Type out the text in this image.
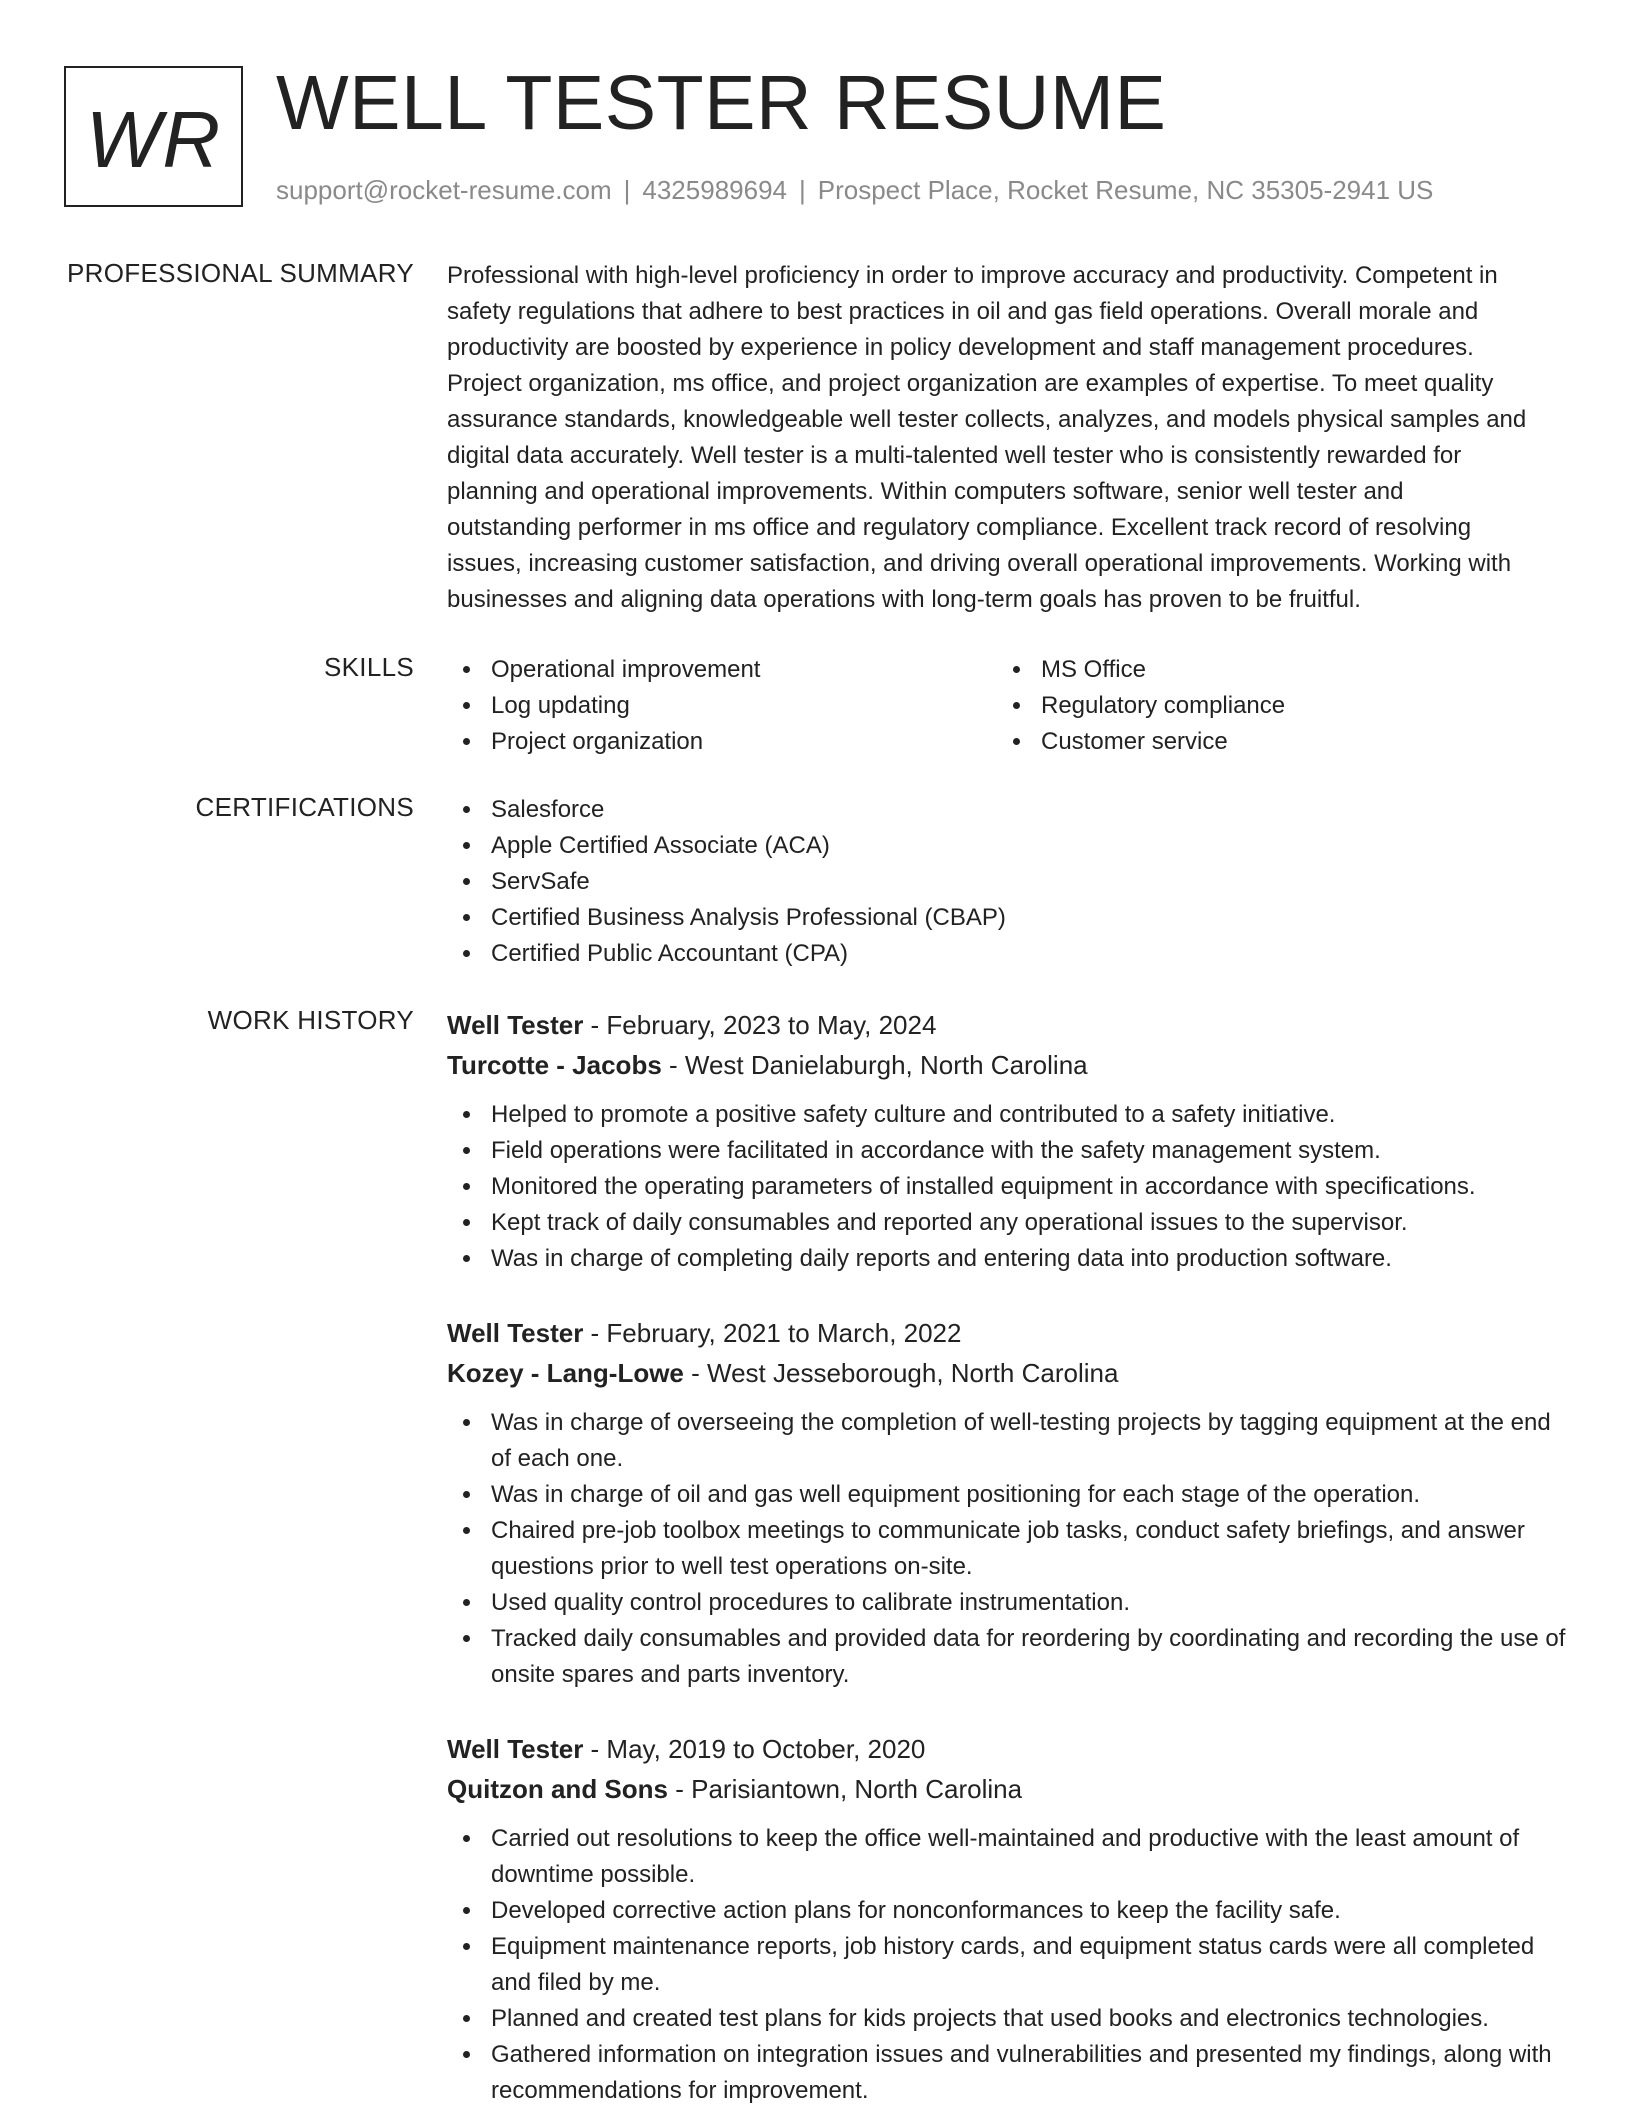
WR WELL TESTER RESUME
support@rocket-resume.com | 4325989694 | Prospect Place, Rocket Resume, NC 35305-2941 US
PROFESSIONAL SUMMARY Professional with high-level proficiency in order to improve accuracy and productivity. Competent in
safety regulations that adhere to best practices in oil and gas field operations. Overall morale and
productivity are boosted by experience in policy development and staff management procedures.
Project organization, ms office, and project organization are examples of expertise. To meet quality
assurance standards, knowledgeable well tester collects, analyzes, and models physical samples and
digital data accurately. Well tester is a multi-talented well tester who is consistently rewarded for
planning and operational improvements. Within computers software, senior well tester and
outstanding performer in ms office and regulatory compliance. Excellent track record of resolving
issues, increasing customer satisfaction, and driving overall operational improvements. Working with
businesses and aligning data operations with long-term goals has proven to be fruitful.

SKILLS	Operational improvement
Log updating
Project organization
MS Office
Regulatory compliance
Customer service
CERTIFICATIONS	Salesforce
Apple Certified Associate (ACA)
ServSafe
Certified Business Analysis Professional (CBAP)
Certified Public Accountant (CPA)
WORK HISTORY Well Tester - February, 2023 to May, 2024
Turcotte - Jacobs - West Danielaburgh, North Carolina
Helped to promote a positive safety culture and contributed to a safety initiative.
Field operations were facilitated in accordance with the safety management system.
Monitored the operating parameters of installed equipment in accordance with specifications.
Kept track of daily consumables and reported any operational issues to the supervisor.
Was in charge of completing daily reports and entering data into production software.
Well Tester - February, 2021 to March, 2022
Kozey - Lang-Lowe - West Jesseborough, North Carolina
Was in charge of overseeing the completion of well-testing projects by tagging equipment at the end of each one.
Was in charge of oil and gas well equipment positioning for each stage of the operation.
Chaired pre-job toolbox meetings to communicate job tasks, conduct safety briefings, and answer questions prior to well test operations on-site.
Used quality control procedures to calibrate instrumentation.
Tracked daily consumables and provided data for reordering by coordinating and recording the use of onsite spares and parts inventory.
Well Tester - May, 2019 to October, 2020
Quitzon and Sons - Parisiantown, North Carolina
Carried out resolutions to keep the office well-maintained and productive with the least amount of downtime possible.
Developed corrective action plans for nonconformances to keep the facility safe.
Equipment maintenance reports, job history cards, and equipment status cards were all completed and filed by me.
Planned and created test plans for kids projects that used books and electronics technologies.
Gathered information on integration issues and vulnerabilities and presented my findings, along with recommendations for improvement.
